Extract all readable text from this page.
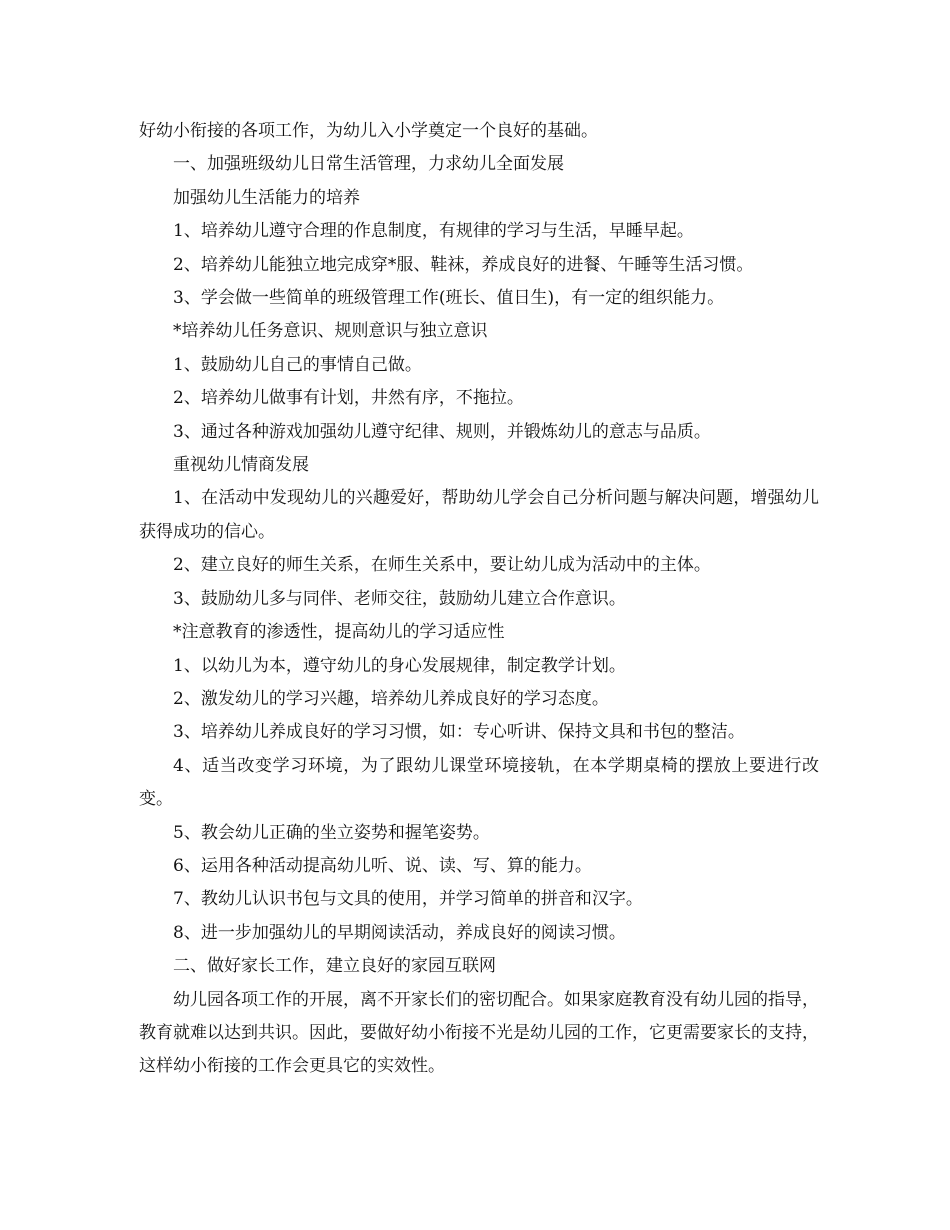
好幼小衔接的各项工作，为幼儿入小学奠定一个良好的基础。

一、加强班级幼儿日常生活管理，力求幼儿全面发展

加强幼儿生活能力的培养

1、培养幼儿遵守合理的作息制度，有规律的学习与生活，早睡早起。

2、培养幼儿能独立地完成穿*服、鞋袜，养成良好的进餐、午睡等生活习惯。

3、学会做一些简单的班级管理工作(班长、值日生)，有一定的组织能力。

*培养幼儿任务意识、规则意识与独立意识

1、鼓励幼儿自己的事情自己做。

2、培养幼儿做事有计划，井然有序，不拖拉。

3、通过各种游戏加强幼儿遵守纪律、规则，并锻炼幼儿的意志与品质。

重视幼儿情商发展

1、在活动中发现幼儿的兴趣爱好，帮助幼儿学会自己分析问题与解决问题，增强幼儿获得成功的信心。

2、建立良好的师生关系，在师生关系中，要让幼儿成为活动中的主体。

3、鼓励幼儿多与同伴、老师交往，鼓励幼儿建立合作意识。

*注意教育的渗透性，提高幼儿的学习适应性

1、以幼儿为本，遵守幼儿的身心发展规律，制定教学计划。

2、激发幼儿的学习兴趣，培养幼儿养成良好的学习态度。

3、培养幼儿养成良好的学习习惯，如：专心听讲、保持文具和书包的整洁。

4、适当改变学习环境，为了跟幼儿课堂环境接轨，在本学期桌椅的摆放上要进行改变。

5、教会幼儿正确的坐立姿势和握笔姿势。

6、运用各种活动提高幼儿听、说、读、写、算的能力。

7、教幼儿认识书包与文具的使用，并学习简单的拼音和汉字。

8、进一步加强幼儿的早期阅读活动，养成良好的阅读习惯。

二、做好家长工作，建立良好的家园互联网

幼儿园各项工作的开展，离不开家长们的密切配合。如果家庭教育没有幼儿园的指导，教育就难以达到共识。因此，要做好幼小衔接不光是幼儿园的工作，它更需要家长的支持，这样幼小衔接的工作会更具它的实效性。
